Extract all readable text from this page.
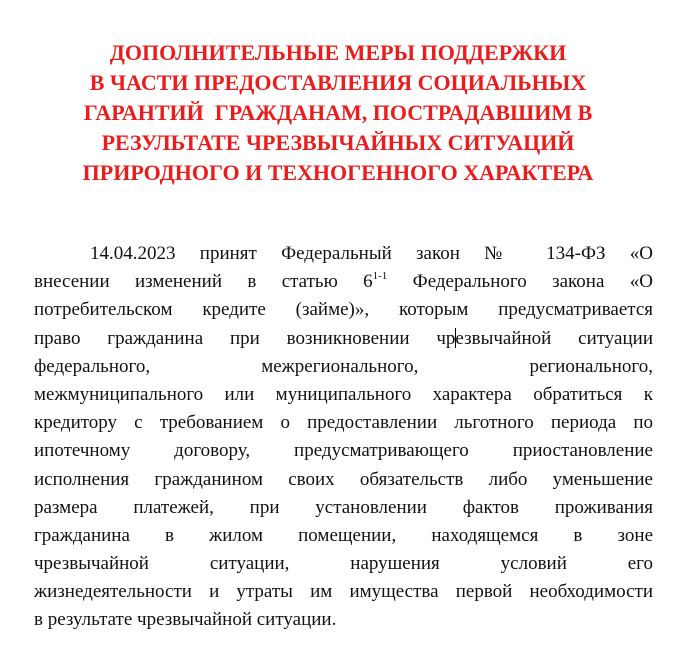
ДОПОЛНИТЕЛЬНЫЕ МЕРЫ ПОДДЕРЖКИ
В ЧАСТИ ПРЕДОСТАВЛЕНИЯ СОЦИАЛЬНЫХ
ГАРАНТИЙ  ГРАЖДАНАМ, ПОСТРАДАВШИМ В
РЕЗУЛЬТАТЕ ЧРЕЗВЫЧАЙНЫХ СИТУАЦИЙ
ПРИРОДНОГО И ТЕХНОГЕННОГО ХАРАКТЕРА
14.04.2023 принят Федеральный закон № 134-ФЗ «О
внесении изменений в статью 6$^{1-1}$ Федерального закона «О
потребительском кредите (займе)», которым предусматривается
право гражданина при возникновении чрезвычайной ситуации
федерального, межрегионального, регионального,
межмуниципального или муниципального характера обратиться к
кредитору с требованием о предоставлении льготного периода по
ипотечному договору, предусматривающего приостановление
исполнения гражданином своих обязательств либо уменьшение
размера платежей, при установлении фактов проживания
гражданина в жилом помещении, находящемся в зоне
чрезвычайной ситуации, нарушения условий его
жизнедеятельности и утраты им имущества первой необходимости
в результате чрезвычайной ситуации.
